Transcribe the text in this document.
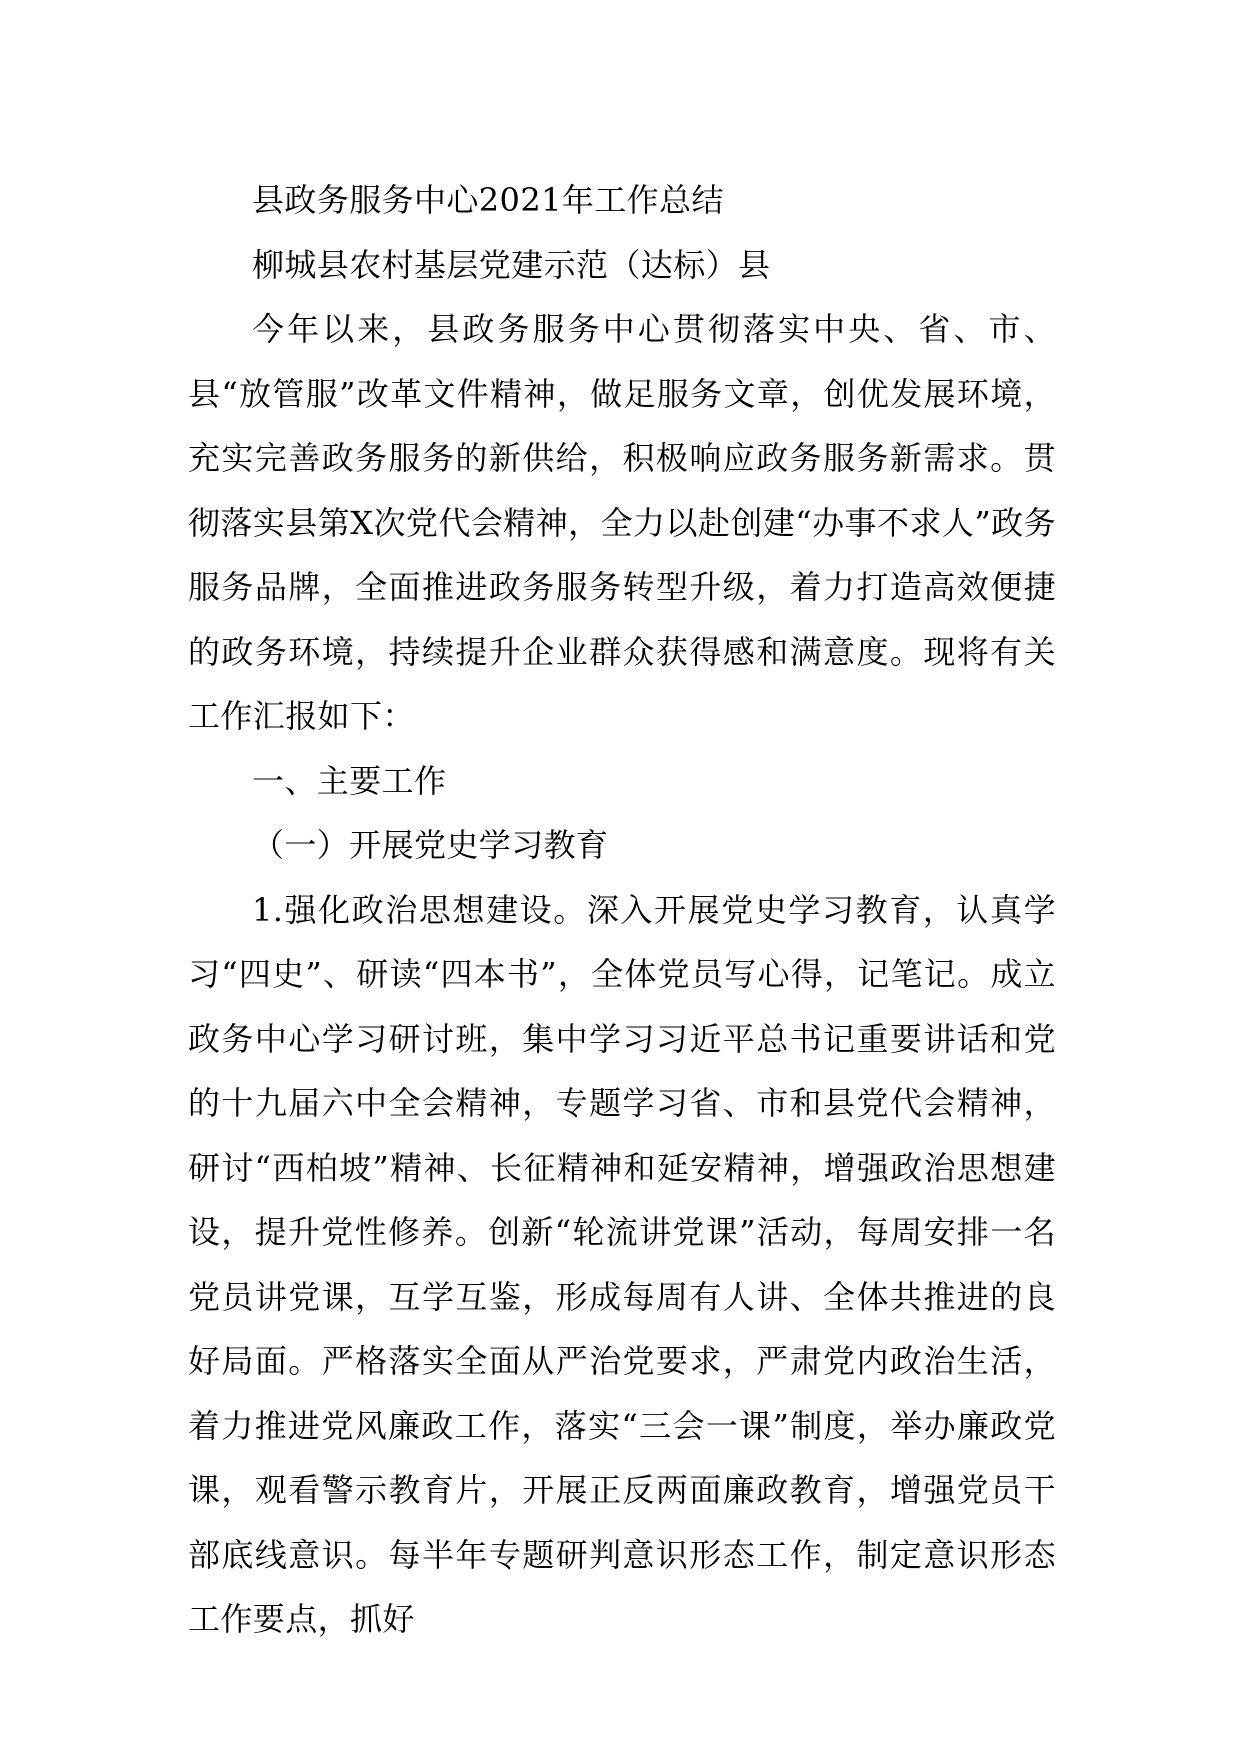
县政务服务中心2021年工作总结

柳城县农村基层党建示范（达标）县

今年以来，县政务服务中心贯彻落实中央、省、市、县“放管服”改革文件精神，做足服务文章，创优发展环境，充实完善政务服务的新供给，积极响应政务服务新需求。贯彻落实县第X次党代会精神，全力以赴创建“办事不求人”政务服务品牌，全面推进政务服务转型升级，着力打造高效便捷的政务环境，持续提升企业群众获得感和满意度。现将有关工作汇报如下：

一、主要工作

（一）开展党史学习教育

1.强化政治思想建设。深入开展党史学习教育，认真学习“四史”、研读“四本书”，全体党员写心得，记笔记。成立政务中心学习研讨班，集中学习习近平总书记重要讲话和党的十九届六中全会精神，专题学习省、市和县党代会精神，研讨“西柏坡”精神、长征精神和延安精神，增强政治思想建设，提升党性修养。创新“轮流讲党课”活动，每周安排一名党员讲党课，互学互鉴，形成每周有人讲、全体共推进的良好局面。严格落实全面从严治党要求，严肃党内政治生活，着力推进党风廉政工作，落实“三会一课”制度，举办廉政党课，观看警示教育片，开展正反两面廉政教育，增强党员干部底线意识。每半年专题研判意识形态工作，制定意识形态工作要点，抓好
